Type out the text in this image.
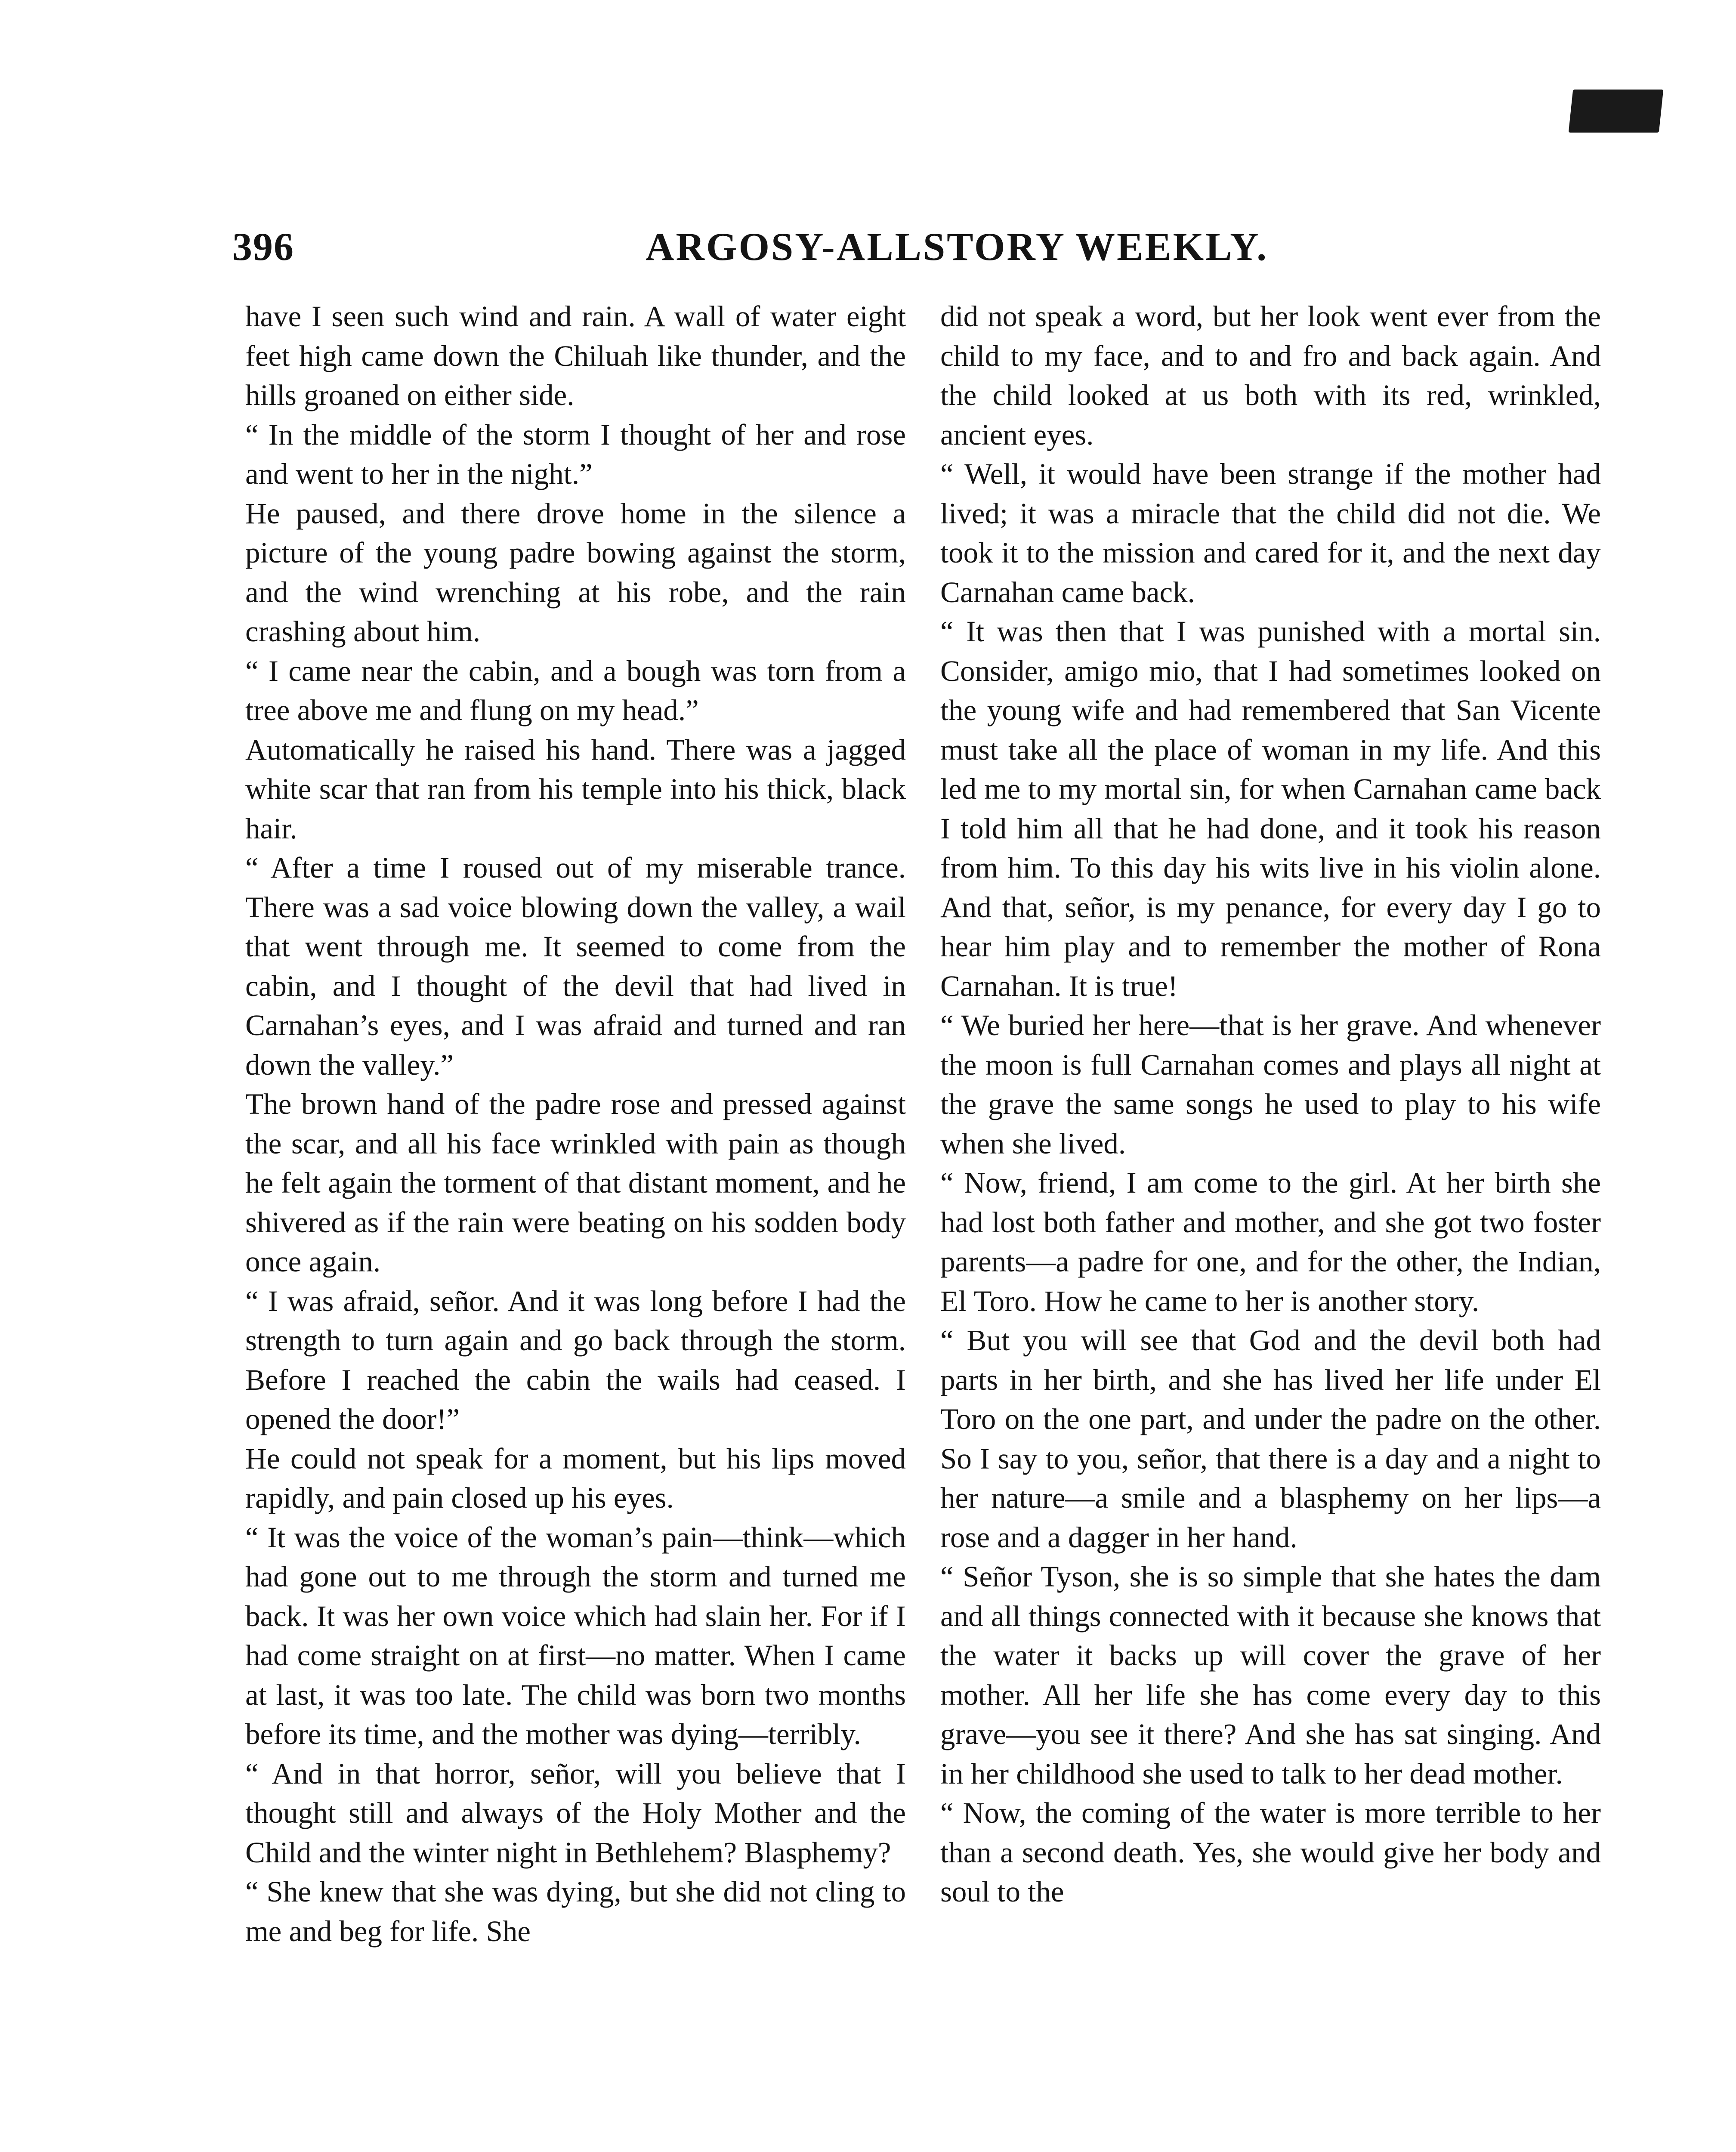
396	ARGOSY-ALLSTORY WEEKLY.

have I seen such wind and rain. A wall of water eight feet high came down the Chiluah like thunder, and the hills groaned on either side.

“ In the middle of the storm I thought of her and rose and went to her in the night.”

He paused, and there drove home in the silence a picture of the young padre bowing against the storm, and the wind wrenching at his robe, and the rain crashing about him.

“ I came near the cabin, and a bough was torn from a tree above me and flung on my head.”

Automatically he raised his hand. There was a jagged white scar that ran from his temple into his thick, black hair.

“ After a time I roused out of my miserable trance. There was a sad voice blowing down the valley, a wail that went through me. It seemed to come from the cabin, and I thought of the devil that had lived in Carnahan’s eyes, and I was afraid and turned and ran down the valley.”

The brown hand of the padre rose and pressed against the scar, and all his face wrinkled with pain as though he felt again the torment of that distant moment, and he shivered as if the rain were beating on his sodden body once again.

“ I was afraid, señor. And it was long before I had the strength to turn again and go back through the storm. Before I reached the cabin the wails had ceased. I opened the door!”

He could not speak for a moment, but his lips moved rapidly, and pain closed up his eyes.

“ It was the voice of the woman’s pain—think—which had gone out to me through the storm and turned me back. It was her own voice which had slain her. For if I had come straight on at first—no matter. When I came at last, it was too late. The child was born two months before its time, and the mother was dying—terribly.

“ And in that horror, señor, will you believe that I thought still and always of the Holy Mother and the Child and the winter night in Bethlehem? Blasphemy?

“ She knew that she was dying, but she did not cling to me and beg for life. She

did not speak a word, but her look went ever from the child to my face, and to and fro and back again. And the child looked at us both with its red, wrinkled, ancient eyes.

“ Well, it would have been strange if the mother had lived; it was a miracle that the child did not die. We took it to the mission and cared for it, and the next day Carnahan came back.

“ It was then that I was punished with a mortal sin. Consider, amigo mio, that I had sometimes looked on the young wife and had remembered that San Vicente must take all the place of woman in my life. And this led me to my mortal sin, for when Carnahan came back I told him all that he had done, and it took his reason from him. To this day his wits live in his violin alone. And that, señor, is my penance, for every day I go to hear him play and to remember the mother of Rona Carnahan. It is true!

“ We buried her here—that is her grave. And whenever the moon is full Carnahan comes and plays all night at the grave the same songs he used to play to his wife when she lived.

“ Now, friend, I am come to the girl. At her birth she had lost both father and mother, and she got two foster parents—a padre for one, and for the other, the Indian, El Toro. How he came to her is another story.

“ But you will see that God and the devil both had parts in her birth, and she has lived her life under El Toro on the one part, and under the padre on the other. So I say to you, señor, that there is a day and a night to her nature—a smile and a blasphemy on her lips—a rose and a dagger in her hand.

“ Señor Tyson, she is so simple that she hates the dam and all things connected with it because she knows that the water it backs up will cover the grave of her mother. All her life she has come every day to this grave—you see it there? And she has sat singing. And in her childhood she used to talk to her dead mother.

“ Now, the coming of the water is more terrible to her than a second death. Yes, she would give her body and soul to the
